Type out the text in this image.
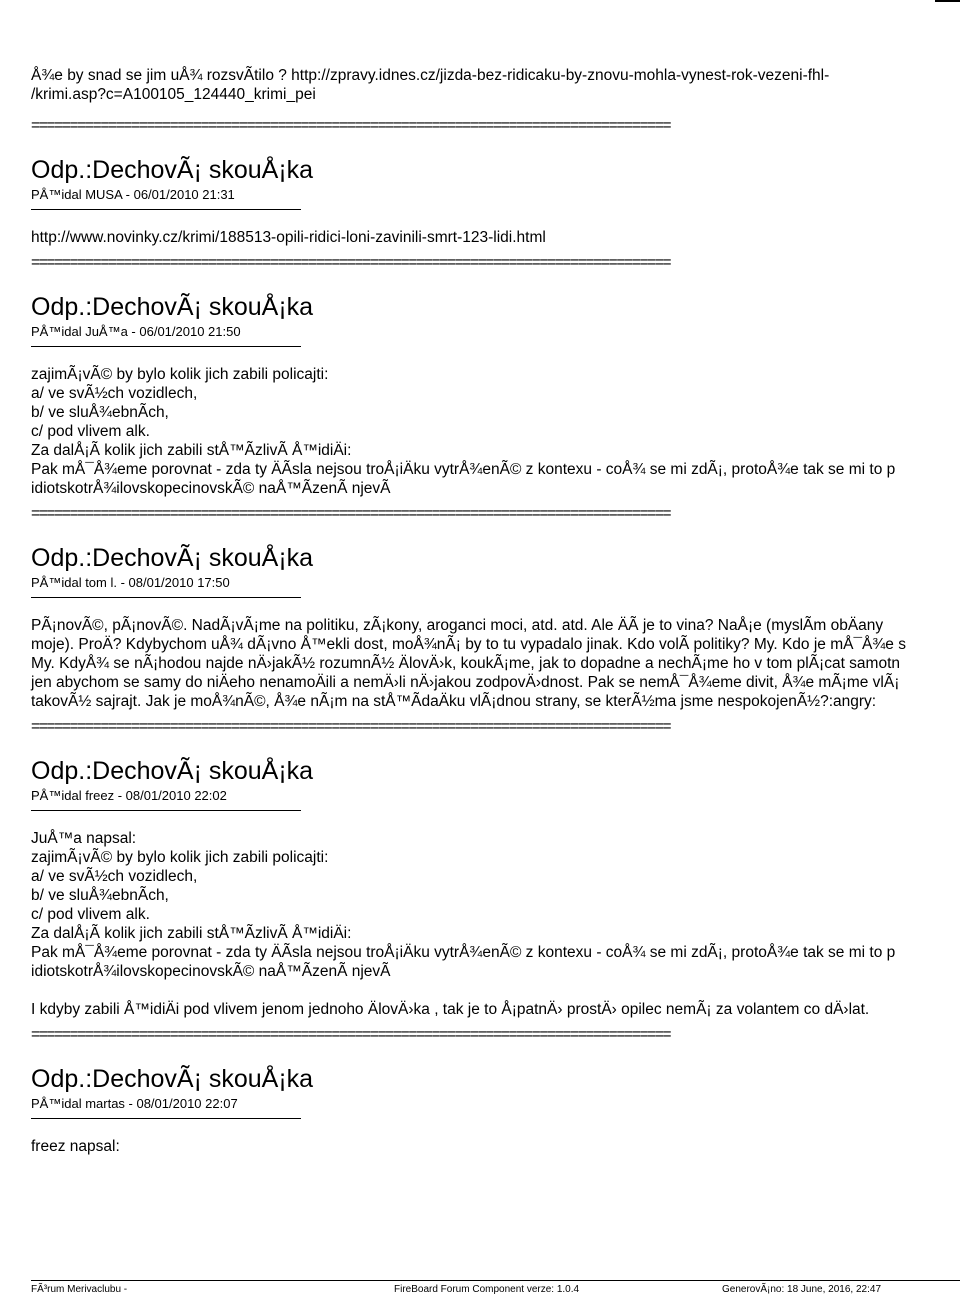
Å¾e by snad se jim uÅ¾ rozsvÃtilo ? http://zpravy.idnes.cz/jizda-bez-ridicaku-by-znovu-mohla-vynest-rok-vezeni-fhl-
/krimi.asp?c=A100105_124440_krimi_pei
===================================================================================
Odp.:DechovÃ¡ skouÅ¡ka
PÅ™idal MUSA - 06/01/2010 21:31
http://www.novinky.cz/krimi/188513-opili-ridici-loni-zavinili-smrt-123-lidi.html
===================================================================================
Odp.:DechovÃ¡ skouÅ¡ka
PÅ™idal JuÅ™a - 06/01/2010 21:50
zajimÃ¡vÃ© by bylo kolik jich zabili policajti:
a/ ve svÃ½ch vozidlech,
b/ ve sluÅ¾ebnÃch,
c/ pod vlivem alk.
Za dalÅ¡Ã kolik jich zabili stÅ™ÃzlivÃ Å™idiÄi:
Pak mÅ¯Å¾eme porovnat - zda ty ÄÃsla nejsou troÅ¡iÄku vytrÅ¾enÃ© z kontexu - coÅ¾ se mi zdÃ¡, protoÅ¾e tak se mi to p
idiotskotrÅ¾ilovskopecinovskÃ© naÅ™ÃzenÃ njevÃ
===================================================================================
Odp.:DechovÃ¡ skouÅ¡ka
PÅ™idal tom l. - 08/01/2010 17:50
PÃ¡novÃ©, pÃ¡novÃ©. NadÃ¡vÃ¡me na politiku, zÃ¡kony, aroganci moci, atd. atd. Ale ÄÃ je to vina? NaÅ¡e (myslÃm obÄany
moje). ProÄ? Kdybychom uÅ¾ dÃ¡vno Å™ekli dost, moÅ¾nÃ¡ by to tu vypadalo jinak. Kdo volÃ politiky? My. Kdo je mÅ¯Å¾e s
My. KdyÅ¾ se nÃ¡hodou najde nÄ›jakÃ½ rozumnÃ½ ÄlovÄ›k, koukÃ¡me, jak to dopadne a nechÃ¡me ho v tom plÃ¡cat samotn
jen abychom se samy do niÄeho nenamoÄili a nemÄ›li nÄ›jakou zodpovÄ›dnost. Pak se nemÅ¯Å¾eme divit, Å¾e mÃ¡me vlÃ¡
takovÃ½ sajrajt. Jak je moÅ¾nÃ©, Å¾e nÃ¡m na stÅ™ÃdaÄku vlÃ¡dnou strany, se kterÃ½ma jsme nespokojenÃ½?:angry:
===================================================================================
Odp.:DechovÃ¡ skouÅ¡ka
PÅ™idal freez - 08/01/2010 22:02
JuÅ™a napsal:
zajimÃ¡vÃ© by bylo kolik jich zabili policajti:
a/ ve svÃ½ch vozidlech,
b/ ve sluÅ¾ebnÃch,
c/ pod vlivem alk.
Za dalÅ¡Ã kolik jich zabili stÅ™ÃzlivÃ Å™idiÄi:
Pak mÅ¯Å¾eme porovnat - zda ty ÄÃsla nejsou troÅ¡iÄku vytrÅ¾enÃ© z kontexu - coÅ¾ se mi zdÃ¡, protoÅ¾e tak se mi to p
idiotskotrÅ¾ilovskopecinovskÃ© naÅ™ÃzenÃ njevÃ
I kdyby zabili Å™idiÄi pod vlivem jenom jednoho ÄlovÄ›ka , tak je to Å¡patnÄ› prostÄ› opilec nemÃ¡ za volantem co dÄ›lat.
===================================================================================
Odp.:DechovÃ¡ skouÅ¡ka
PÅ™idal martas - 08/01/2010 22:07
freez napsal:
FÃ³rum Merivaclubu -	FireBoard Forum Component verze: 1.0.4	GenerovÃ¡no: 18 June, 2016, 22:47
